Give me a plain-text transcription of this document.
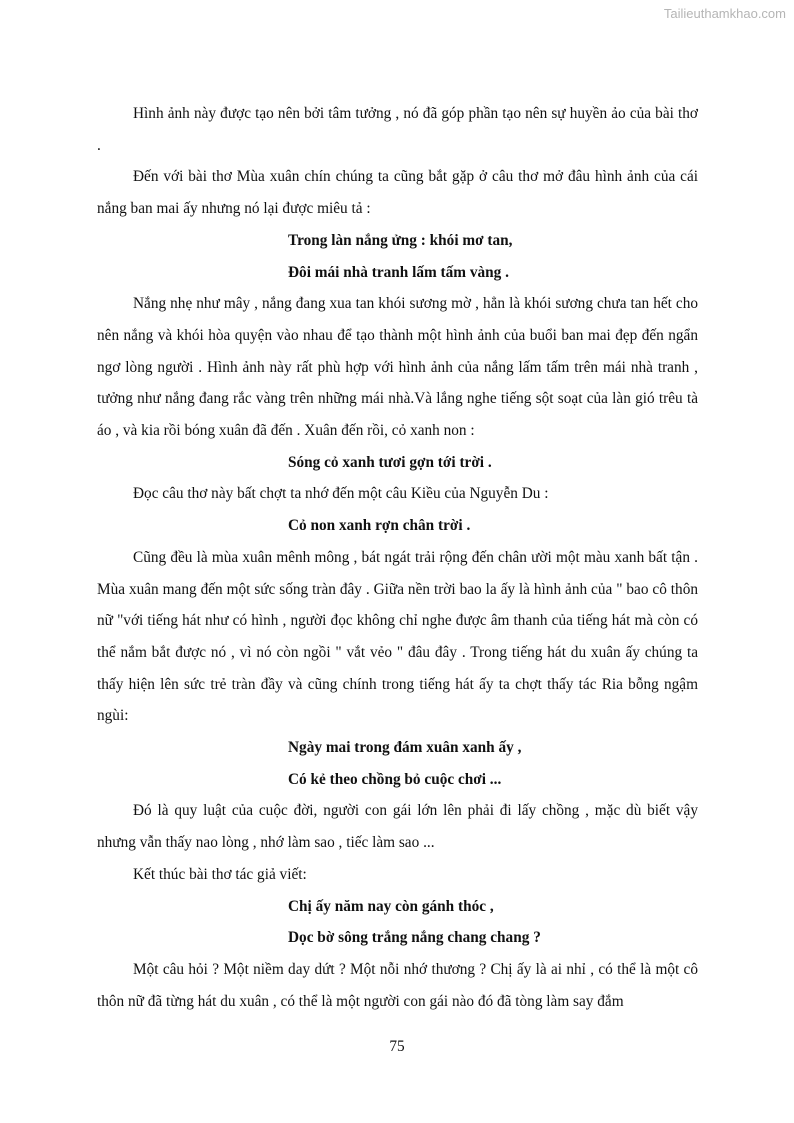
Tailieuthamkhao.com

Hình ảnh này được tạo nên bởi tâm tưởng , nó đã góp phần tạo nên sự huyền ảo của bài thơ .

Đến với bài thơ Mùa xuân chín chúng ta cũng bắt gặp ở câu thơ mở đâu hình ảnh của cái nắng ban mai ấy nhưng nó lại được miêu tả :

Trong làn nắng ửng : khói mơ tan,

Đôi mái nhà tranh lấm tấm vàng .

Nắng nhẹ như mây , nắng đang xua tan khói sương mờ , hẳn là khói sương chưa tan hết cho nên nắng và khói hòa quyện vào nhau để tạo thành một hình ảnh của buổi ban mai đẹp đến ngẩn ngơ lòng người . Hình ảnh này rất phù hợp với hình ảnh của nắng lấm tấm trên mái nhà tranh , tưởng như nắng đang rắc vàng trên những mái nhà.Và lắng nghe tiếng sột soạt của làn gió trêu tà áo , và kia rồi bóng xuân đã đến . Xuân đến rồi, cỏ xanh non :

Sóng cỏ xanh tươi gợn tới trời .

Đọc câu thơ này bất chợt ta nhớ đến một câu Kiều của Nguyễn Du :

Cỏ non xanh rợn chân trời .

Cũng đều là mùa xuân mênh mông , bát ngát trải rộng đến chân ười một màu xanh bất tận . Mùa xuân mang đến một sức sống tràn đây . Giữa nền trời bao la ấy là hình ảnh của " bao cô thôn nữ "với tiếng hát như có hình , người đọc không chỉ nghe được âm thanh của tiếng hát mà còn có thể nắm bắt được nó , vì nó còn ngồi " vắt vẻo " đâu đây . Trong tiếng hát du xuân ấy chúng ta thấy hiện lên sức trẻ tràn đầy và cũng chính trong tiếng hát ấy ta chợt thấy tác Ria bỗng ngậm ngùi:

Ngày mai trong đám xuân xanh ấy ,

Có kẻ theo chồng bỏ cuộc chơi ...

Đó là quy luật của cuộc đời, người con gái lớn lên phải đi lấy chồng , mặc dù biết vậy nhưng vẫn thấy nao lòng , nhớ làm sao , tiếc làm sao ...

Kết thúc bài thơ tác giả viết:

Chị ấy năm nay còn gánh thóc ,

Dọc bờ sông trắng nắng chang chang ?

Một câu hỏi ? Một niềm day dứt ? Một nỗi nhớ thương ? Chị ấy là ai nhỉ , có thể là một cô thôn nữ đã từng hát du xuân , có thể là một người con gái nào đó đã tòng làm say đắm

75
